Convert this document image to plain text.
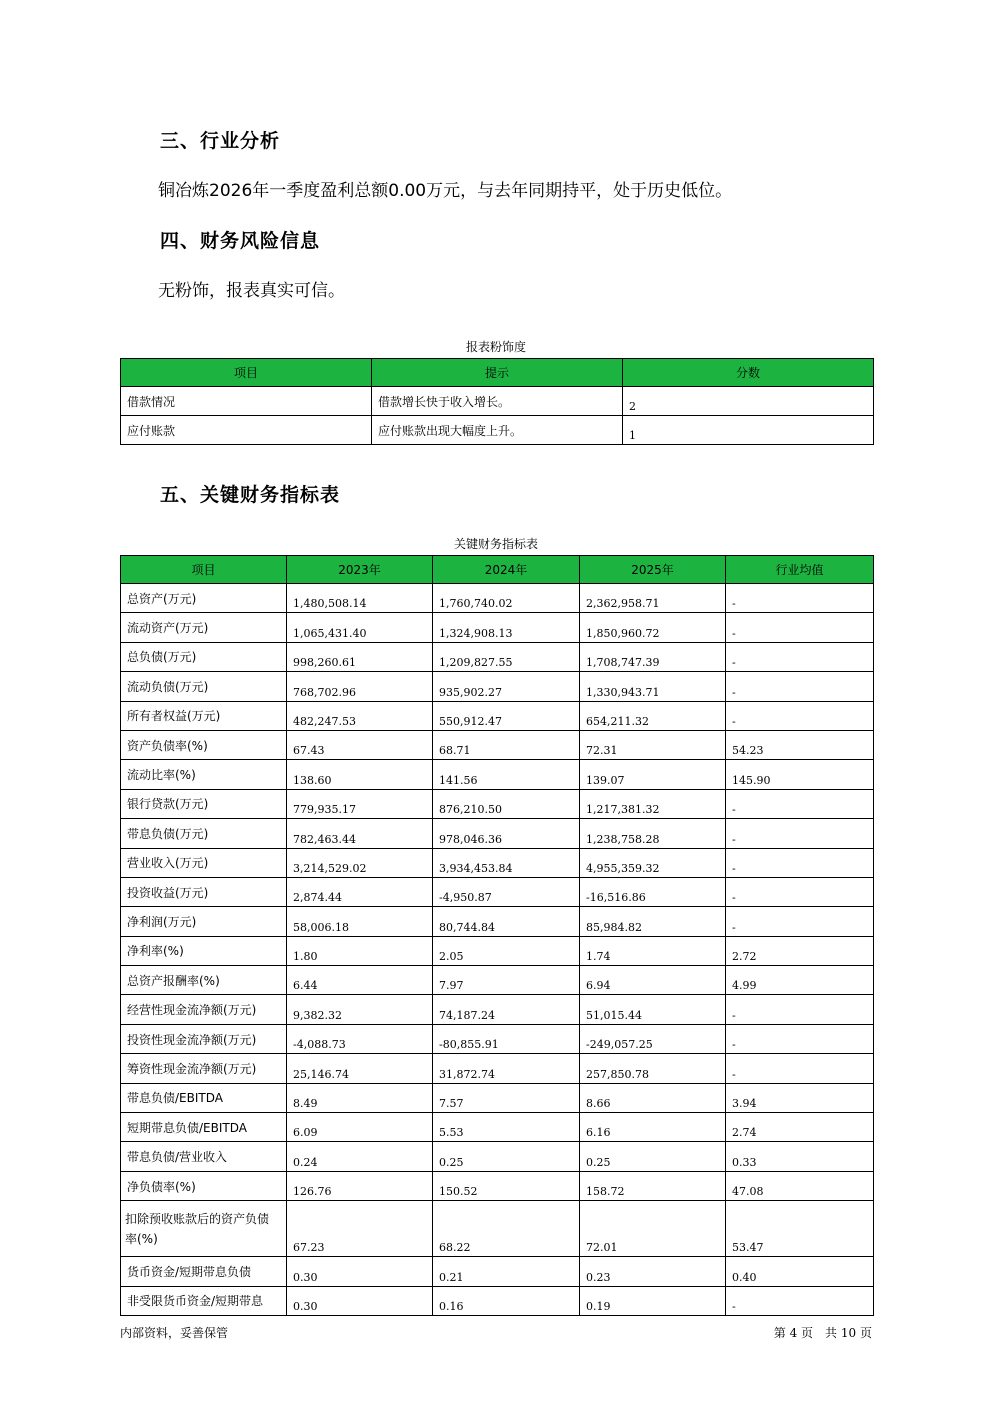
三、行业分析
铜冶炼2026年一季度盈利总额0.00万元，与去年同期持平，处于历史低位。
四、财务风险信息
无粉饰，报表真实可信。
报表粉饰度
项目	提示	分数
借款情况	借款增长快于收入增长。	2
应付账款	应付账款出现大幅度上升。	1
五、关键财务指标表
关键财务指标表
项目	2023年	2024年	2025年	行业均值
总资产(万元)	1,480,508.14	1,760,740.02	2,362,958.71	-
流动资产(万元)	1,065,431.40	1,324,908.13	1,850,960.72	-
总负债(万元)	998,260.61	1,209,827.55	1,708,747.39	-
流动负债(万元)	768,702.96	935,902.27	1,330,943.71	-
所有者权益(万元)	482,247.53	550,912.47	654,211.32	-
资产负债率(%)	67.43	68.71	72.31	54.23
流动比率(%)	138.60	141.56	139.07	145.90
银行贷款(万元)	779,935.17	876,210.50	1,217,381.32	-
带息负债(万元)	782,463.44	978,046.36	1,238,758.28	-
营业收入(万元)	3,214,529.02	3,934,453.84	4,955,359.32	-
投资收益(万元)	2,874.44	-4,950.87	-16,516.86	-
净利润(万元)	58,006.18	80,744.84	85,984.82	-
净利率(%)	1.80	2.05	1.74	2.72
总资产报酬率(%)	6.44	7.97	6.94	4.99
经营性现金流净额(万元)	9,382.32	74,187.24	51,015.44	-
投资性现金流净额(万元)	-4,088.73	-80,855.91	-249,057.25	-
筹资性现金流净额(万元)	25,146.74	31,872.74	257,850.78	-
带息负债/EBITDA	8.49	7.57	8.66	3.94
短期带息负债/EBITDA	6.09	5.53	6.16	2.74
带息负债/营业收入	0.24	0.25	0.25	0.33
净负债率(%)	126.76	150.52	158.72	47.08
扣除预收账款后的资产负债率(%)	67.23	68.22	72.01	53.47
货币资金/短期带息负债	0.30	0.21	0.23	0.40
非受限货币资金/短期带息	0.30	0.16	0.19	-
内部资料，妥善保管	第 4 页　共 10 页
